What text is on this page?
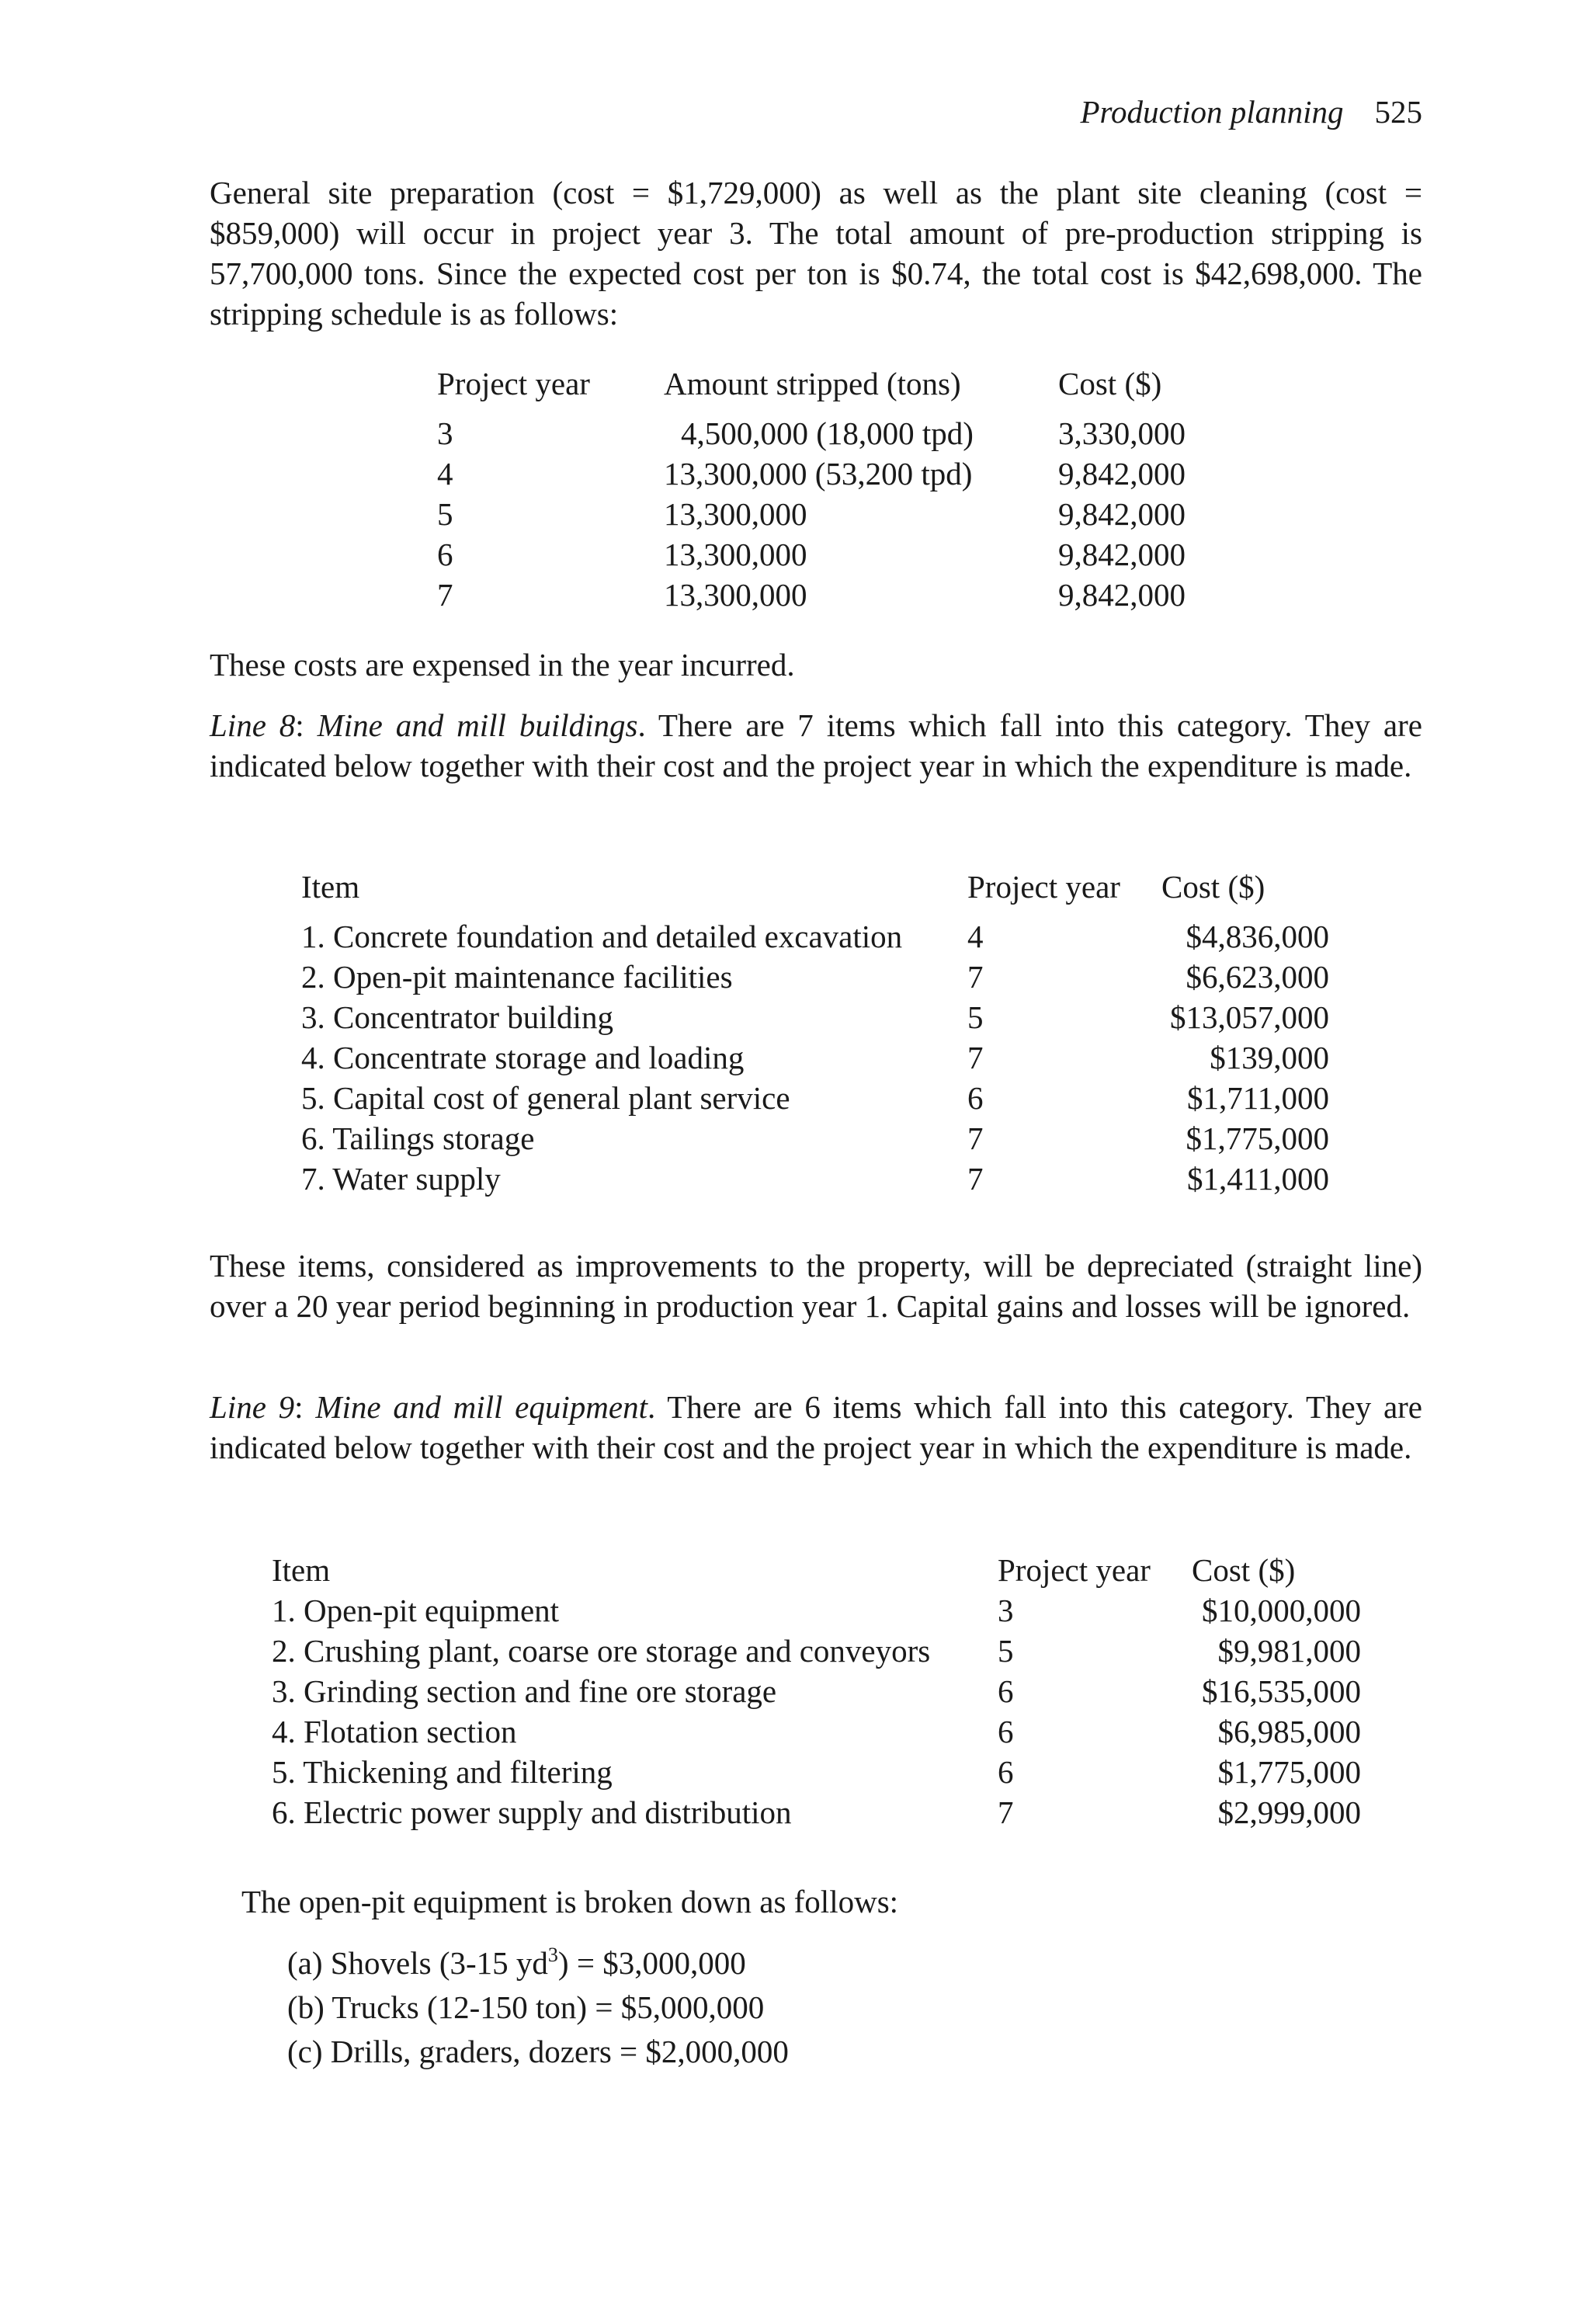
Production planning 525

General site preparation (cost = $1,729,000) as well as the plant site cleaning (cost = $859,000) will occur in project year 3. The total amount of pre-production stripping is 57,700,000 tons. Since the expected cost per ton is $0.74, the total cost is $42,698,000. The stripping schedule is as follows:

Project year	Amount stripped (tons)	Cost ($)
3	4,500,000 (18,000 tpd)	3,330,000
4	13,300,000 (53,200 tpd)	9,842,000
5	13,300,000	9,842,000
6	13,300,000	9,842,000
7	13,300,000	9,842,000

These costs are expensed in the year incurred.

Line 8: Mine and mill buildings. There are 7 items which fall into this category. They are indicated below together with their cost and the project year in which the expenditure is made.

Item	Project year	Cost ($)
1. Concrete foundation and detailed excavation	4	$4,836,000
2. Open-pit maintenance facilities	7	$6,623,000
3. Concentrator building	5	$13,057,000
4. Concentrate storage and loading	7	$139,000
5. Capital cost of general plant service	6	$1,711,000
6. Tailings storage	7	$1,775,000
7. Water supply	7	$1,411,000

These items, considered as improvements to the property, will be depreciated (straight line) over a 20 year period beginning in production year 1. Capital gains and losses will be ignored.

Line 9: Mine and mill equipment. There are 6 items which fall into this category. They are indicated below together with their cost and the project year in which the expenditure is made.

Item	Project year	Cost ($)
1. Open-pit equipment	3	$10,000,000
2. Crushing plant, coarse ore storage and conveyors	5	$9,981,000
3. Grinding section and fine ore storage	6	$16,535,000
4. Flotation section	6	$6,985,000
5. Thickening and filtering	6	$1,775,000
6. Electric power supply and distribution	7	$2,999,000

The open-pit equipment is broken down as follows:

(a) Shovels (3-15 $yd^3$) = $3,000,000
(b) Trucks (12-150 ton) = $5,000,000
(c) Drills, graders, dozers = $2,000,000
